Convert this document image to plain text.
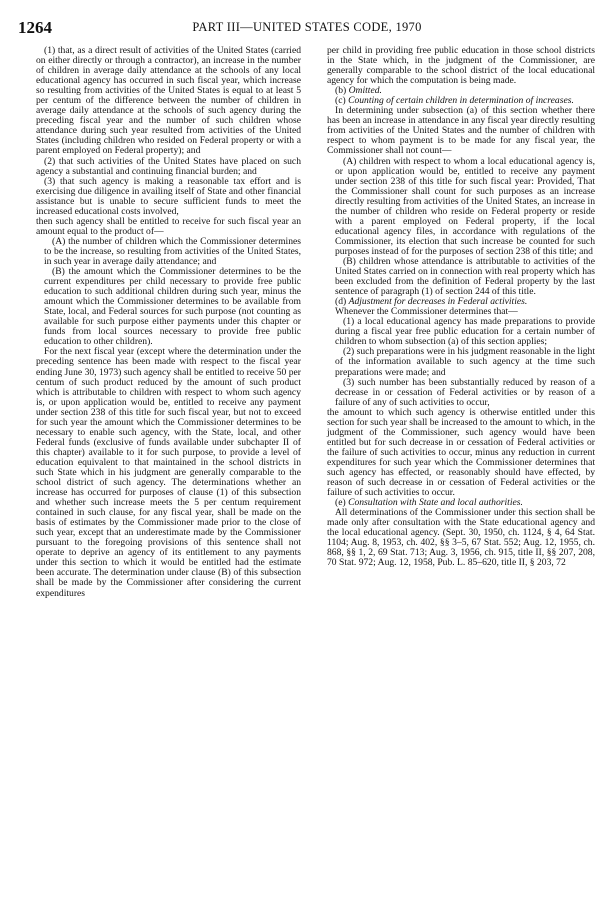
1264	PART III—UNITED STATES CODE, 1970

(1) that, as a direct result of activities of the United States (carried on either directly or through a contractor), an increase in the number of children in average daily attendance at the schools of any local educational agency has occurred in such fiscal year, which increase so resulting from activities of the United States is equal to at least 5 per centum of the difference between the number of children in average daily attendance at the schools of such agency during the preceding fiscal year and the number of such children whose attendance during such year resulted from activities of the United States (including children who resided on Federal property or with a parent employed on Federal property); and

(2) that such activities of the United States have placed on such agency a substantial and continuing financial burden; and

(3) that such agency is making a reasonable tax effort and is exercising due diligence in availing itself of State and other financial assistance but is unable to secure sufficient funds to meet the increased educational costs involved,

then such agency shall be entitled to receive for such fiscal year an amount equal to the product of—

(A) the number of children which the Commissioner determines to be the increase, so resulting from activities of the United States, in such year in average daily attendance; and

(B) the amount which the Commissioner determines to be the current expenditures per child necessary to provide free public education to such additional children during such year, minus the amount which the Commissioner determines to be available from State, local, and Federal sources for such purpose (not counting as available for such purpose either payments under this chapter or funds from local sources necessary to provide free public education to other children).

For the next fiscal year (except where the determination under the preceding sentence has been made with respect to the fiscal year ending June 30, 1973) such agency shall be entitled to receive 50 per centum of such product reduced by the amount of such product which is attributable to children with respect to whom such agency is, or upon application would be, entitled to receive any payment under section 238 of this title for such fiscal year, but not to exceed for such year the amount which the Commissioner determines to be necessary to enable such agency, with the State, local, and other Federal funds (exclusive of funds available under subchapter II of this chapter) available to it for such purpose, to provide a level of education equivalent to that maintained in the school districts in such State which in his judgment are generally comparable to the school district of such agency. The determinations whether an increase has occurred for purposes of clause (1) of this subsection and whether such increase meets the 5 per centum requirement contained in such clause, for any fiscal year, shall be made on the basis of estimates by the Commissioner made prior to the close of such year, except that an underestimate made by the Commissioner pursuant to the foregoing provisions of this sentence shall not operate to deprive an agency of its entitlement to any payments under this section to which it would be entitled had the estimate been accurate. The determination under clause (B) of this subsection shall be made by the Commissioner after considering the current expenditures

per child in providing free public education in those school districts in the State which, in the judgment of the Commissioner, are generally comparable to the school district of the local educational agency for which the computation is being made.

(b) Omitted.

(c) Counting of certain children in determination of increases.

In determining under subsection (a) of this section whether there has been an increase in attendance in any fiscal year directly resulting from activities of the United States and the number of children with respect to whom payment is to be made for any fiscal year, the Commissioner shall not count—

(A) children with respect to whom a local educational agency is, or upon application would be, entitled to receive any payment under section 238 of this title for such fiscal year: Provided, That the Commissioner shall count for such purposes as an increase directly resulting from activities of the United States, an increase in the number of children who reside on Federal property or reside with a parent employed on Federal property, if the local educational agency files, in accordance with regulations of the Commissioner, its election that such increase be counted for such purposes instead of for the purposes of section 238 of this title; and

(B) children whose attendance is attributable to activities of the United States carried on in connection with real property which has been excluded from the definition of Federal property by the last sentence of paragraph (1) of section 244 of this title.

(d) Adjustment for decreases in Federal activities.

Whenever the Commissioner determines that—

(1) a local educational agency has made preparations to provide during a fiscal year free public education for a certain number of children to whom subsection (a) of this section applies;

(2) such preparations were in his judgment reasonable in the light of the information available to such agency at the time such preparations were made; and

(3) such number has been substantially reduced by reason of a decrease in or cessation of Federal activities or by reason of a failure of any of such activities to occur,

the amount to which such agency is otherwise entitled under this section for such year shall be increased to the amount to which, in the judgment of the Commissioner, such agency would have been entitled but for such decrease in or cessation of Federal activities or the failure of such activities to occur, minus any reduction in current expenditures for such year which the Commissioner determines that such agency has effected, or reasonably should have effected, by reason of such decrease in or cessation of Federal activities or the failure of such activities to occur.

(e) Consultation with State and local authorities.

All determinations of the Commissioner under this section shall be made only after consultation with the State educational agency and the local educational agency. (Sept. 30, 1950, ch. 1124, § 4, 64 Stat. 1104; Aug. 8, 1953, ch. 402, §§ 3–5, 67 Stat. 552; Aug. 12, 1955, ch. 868, §§ 1, 2, 69 Stat. 713; Aug. 3, 1956, ch. 915, title II, §§ 207, 208, 70 Stat. 972; Aug. 12, 1958, Pub. L. 85–620, title II, § 203, 72
